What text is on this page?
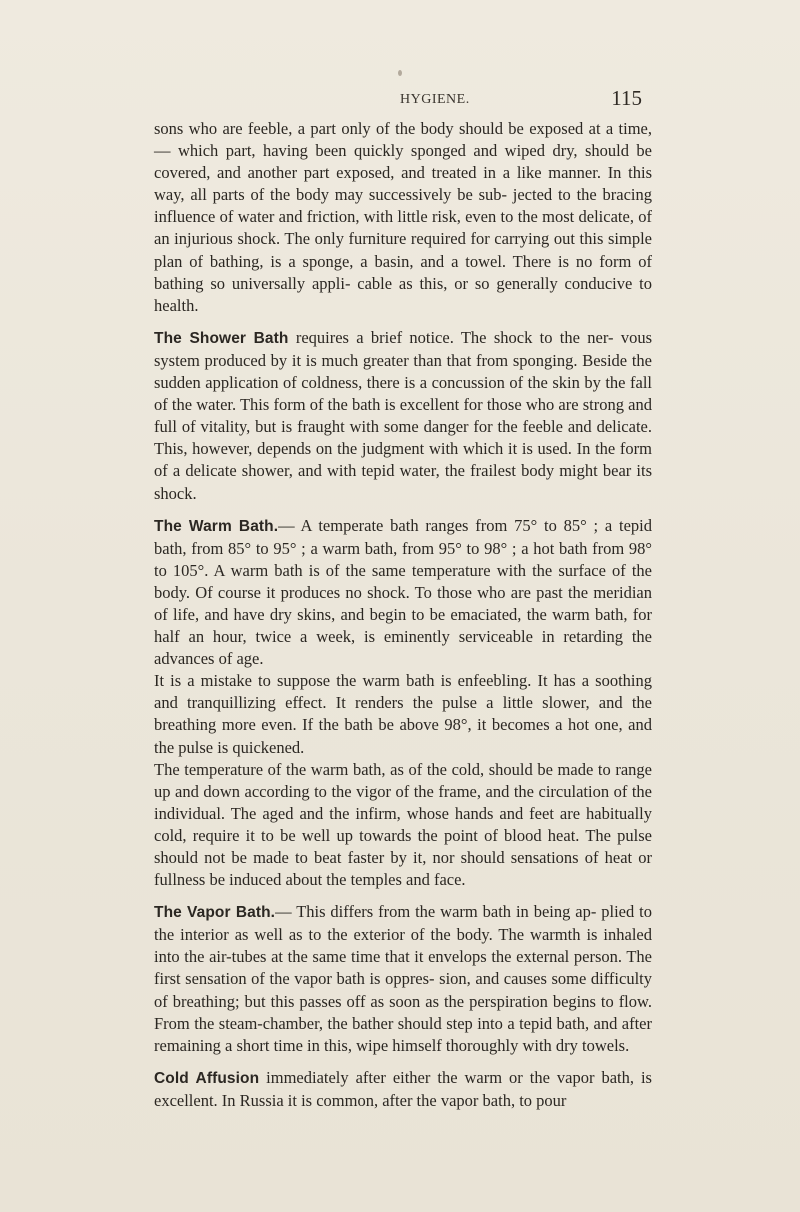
HYGIENE.	115

sons who are feeble, a part only of the body should be exposed at a time, — which part, having been quickly sponged and wiped dry, should be covered, and another part exposed, and treated in a like manner. In this way, all parts of the body may successively be sub- jected to the bracing influence of water and friction, with little risk, even to the most delicate, of an injurious shock. The only furniture required for carrying out this simple plan of bathing, is a sponge, a basin, and a towel. There is no form of bathing so universally appli- cable as this, or so generally conducive to health.

The Shower Bath requires a brief notice. The shock to the ner- vous system produced by it is much greater than that from sponging. Beside the sudden application of coldness, there is a concussion of the skin by the fall of the water. This form of the bath is excellent for those who are strong and full of vitality, but is fraught with some danger for the feeble and delicate. This, however, depends on the judgment with which it is used. In the form of a delicate shower, and with tepid water, the frailest body might bear its shock.

The Warm Bath.— A temperate bath ranges from 75° to 85° ; a tepid bath, from 85° to 95° ; a warm bath, from 95° to 98° ; a hot bath from 98° to 105°. A warm bath is of the same temperature with the surface of the body. Of course it produces no shock. To those who are past the meridian of life, and have dry skins, and begin to be emaciated, the warm bath, for half an hour, twice a week, is eminently serviceable in retarding the advances of age.

It is a mistake to suppose the warm bath is enfeebling. It has a soothing and tranquillizing effect. It renders the pulse a little slower, and the breathing more even. If the bath be above 98°, it becomes a hot one, and the pulse is quickened.

The temperature of the warm bath, as of the cold, should be made to range up and down according to the vigor of the frame, and the circulation of the individual. The aged and the infirm, whose hands and feet are habitually cold, require it to be well up towards the point of blood heat. The pulse should not be made to beat faster by it, nor should sensations of heat or fullness be induced about the temples and face.

The Vapor Bath.— This differs from the warm bath in being ap- plied to the interior as well as to the exterior of the body. The warmth is inhaled into the air-tubes at the same time that it envelops the external person. The first sensation of the vapor bath is oppres- sion, and causes some difficulty of breathing; but this passes off as soon as the perspiration begins to flow. From the steam-chamber, the bather should step into a tepid bath, and after remaining a short time in this, wipe himself thoroughly with dry towels.

Cold Affusion immediately after either the warm or the vapor bath, is excellent. In Russia it is common, after the vapor bath, to pour
